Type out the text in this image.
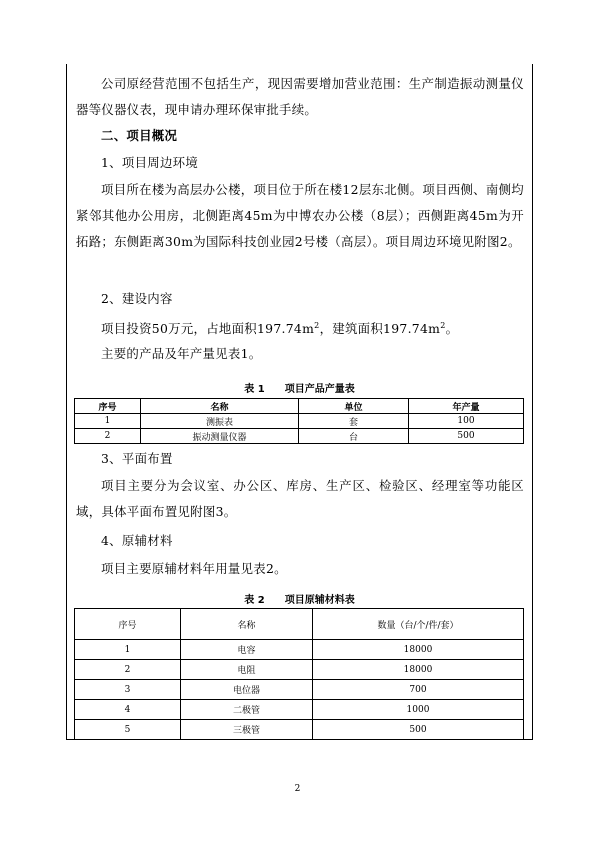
公司原经营范围不包括生产，现因需要增加营业范围：生产制造振动测量仪器等仪器仪表，现申请办理环保审批手续。

二、项目概况

1、项目周边环境

项目所在楼为高层办公楼，项目位于所在楼12层东北侧。项目西侧、南侧均紧邻其他办公用房，北侧距离45m为中博农办公楼（8层）；西侧距离45m为开拓路；东侧距离30m为国际科技创业园2号楼（高层）。项目周边环境见附图2。

2、建设内容

项目投资50万元，占地面积$197.74m^2$，建筑面积$197.74m^2$。

主要的产品及年产量见表1。

表 1 项目产品产量表
序号	名称	单位	年产量
1	测振表	套	100
2	振动测量仪器	台	500

3、平面布置

项目主要分为会议室、办公区、库房、生产区、检验区、经理室等功能区域，具体平面布置见附图3。

4、原辅材料

项目主要原辅材料年用量见表2。

表 2 项目原辅材料表
序号	名称	数量（台/个/件/套）
1	电容	18000
2	电阻	18000
3	电位器	700
4	二极管	1000
5	三极管	500
2
